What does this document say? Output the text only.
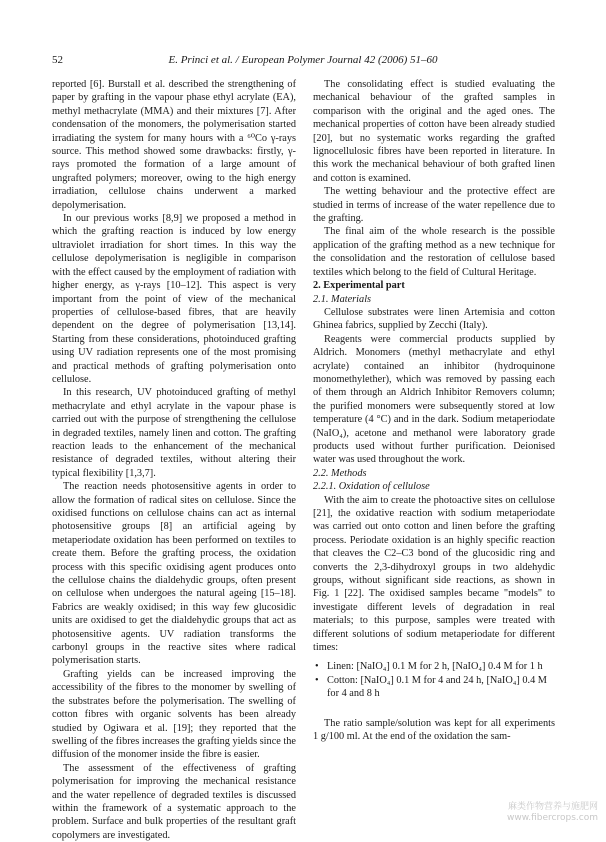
52	E. Princi et al. / European Polymer Journal 42 (2006) 51–60

reported [6]. Burstall et al. described the strengthening of paper by grafting in the vapour phase ethyl acrylate (EA), methyl methacrylate (MMA) and their mixtures [7]. After condensation of the monomers, the polymerisation started irradiating the system for many hours with a ⁶⁰Co γ-rays source. This method showed some drawbacks: firstly, γ-rays promoted the formation of a large amount of ungrafted polymers; moreover, owing to the high energy irradiation, cellulose chains underwent a marked depolymerisation.

In our previous works [8,9] we proposed a method in which the grafting reaction is induced by low energy ultraviolet irradiation for short times. In this way the cellulose depolymerisation is negligible in comparison with the effect caused by the employment of radiation with higher energy, as γ-rays [10–12]. This aspect is very important from the point of view of the mechanical properties of cellulose-based fibres, that are heavily dependent on the degree of polymerisation [13,14]. Starting from these considerations, photoinduced grafting using UV radiation represents one of the most promising and practical methods of grafting polymerisation onto cellulose.

In this research, UV photoinduced grafting of methyl methacrylate and ethyl acrylate in the vapour phase is carried out with the purpose of strengthening the cellulose in degraded textiles, namely linen and cotton. The grafting reaction leads to the enhancement of the mechanical resistance of degraded textiles, without altering their typical flexibility [1,3,7].

The reaction needs photosensitive agents in order to allow the formation of radical sites on cellulose. Since the oxidised functions on cellulose chains can act as internal photosensitive groups [8] an artificial ageing by metaperiodate oxidation has been performed on textiles to create them. Before the grafting process, the oxidation process with this specific oxidising agent produces onto the cellulose chains the dialdehydic groups, often present on cellulose when undergoes the natural ageing [15–18]. Fabrics are weakly oxidised; in this way few glucosidic units are oxidised to get the dialdehydic groups that act as photosensitive agents. UV radiation transforms the carbonyl groups in the reactive sites where radical polymerisation starts.

Grafting yields can be increased improving the accessibility of the fibres to the monomer by swelling of the substrates before the polymerisation. The swelling of cotton fibres with organic solvents has been already studied by Ogiwara et al. [19]; they reported that the swelling of the fibres increases the grafting yields since the diffusion of the monomer inside the fibre is easier.

The assessment of the effectiveness of grafting polymerisation for improving the mechanical resistance and the water repellence of degraded textiles is discussed within the framework of a systematic approach to the problem. Surface and bulk properties of the resultant graft copolymers are investigated.

The consolidating effect is studied evaluating the mechanical behaviour of the grafted samples in comparison with the original and the aged ones. The mechanical properties of cotton have been already studied [20], but no systematic works regarding the grafted lignocellulosic fibres have been reported in literature. In this work the mechanical behaviour of both grafted linen and cotton is examined.

The wetting behaviour and the protective effect are studied in terms of increase of the water repellence due to the grafting.

The final aim of the whole research is the possible application of the grafting method as a new technique for the consolidation and the restoration of cellulose based textiles which belong to the field of Cultural Heritage.

2. Experimental part

2.1. Materials

Cellulose substrates were linen Artemisia and cotton Ghinea fabrics, supplied by Zecchi (Italy).

Reagents were commercial products supplied by Aldrich. Monomers (methyl methacrylate and ethyl acrylate) contained an inhibitor (hydroquinone monomethylether), which was removed by passing each of them through an Aldrich Inhibitor Removers column; the purified monomers were subsequently stored at low temperature (4 °C) and in the dark. Sodium metaperiodate (NaIO₄), acetone and methanol were laboratory grade products used without further purification. Deionised water was used throughout the work.

2.2. Methods

2.2.1. Oxidation of cellulose

With the aim to create the photoactive sites on cellulose [21], the oxidative reaction with sodium metaperiodate was carried out onto cotton and linen before the grafting process. Periodate oxidation is an highly specific reaction that cleaves the C2–C3 bond of the glucosidic ring and converts the 2,3-dihydroxyl groups in two aldehydic groups, without significant side reactions, as shown in Fig. 1 [22]. The oxidised samples became "models" to investigate different levels of degradation in real materials; to this purpose, samples were treated with different solutions of sodium metaperiodate for different times:

• Linen: [NaIO₄] 0.1 M for 2 h, [NaIO₄] 0.4 M for 1 h
• Cotton: [NaIO₄] 0.1 M for 4 and 24 h, [NaIO₄] 0.4 M for 4 and 8 h

The ratio sample/solution was kept for all experiments 1 g/100 ml. At the end of the oxidation the sam-

麻类作物营养与施肥网
www.fibercrops.com
